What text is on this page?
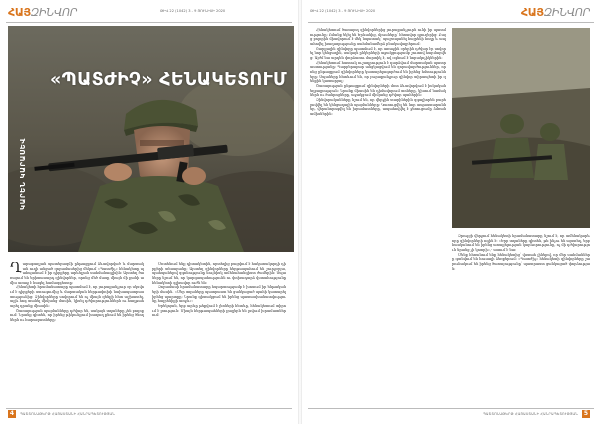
ՀԱՅԶԻՆՎՈՐ	ԹԻՎ 22 (1042) 3 - 9 ՅՈՒՆԻՍԻ 2020
«ՊԱՏԺԻՉ» ՀԵՆԱԿԵՏՈՒՄ
ԿԱՐԵՆ ԿԱՐԱՍԵՎ

Ղարաբաղյան պատերազմի ընթացքում ձևավորված և մարտական ուղի անցած զորամասերից մեկում «Պատժիչ» հենակետը պահպանում է իր դիրքերը արևելյան սահմանագլխին։ Այստեղ ծառայում են երիտասարդ զինվորներ, որոնց մեծ մասը միայն մի քանի ամիս առաջ է հագել համազգեստը։

Հենակետի հրամանատարը պատմում է, որ յուրաքանչյուր օր սկսվում է դիրքերի ստուգումից և մարտական հերթափոխի նախապատրաստությունից։ Զինվորները սովորում են ոչ միայն զենքի հետ աշխատել, այլև հոգ տանել միմյանց մասին, կիսել դժվարություններն ու հաղթահարել դրանք միասին։

Ծառայության պայմանները դժվար են, սակայն տղաները չեն բողոքում։ Նրանք գիտեն, որ իրենց թիկունքում խաղաղ քնում են իրենց ծնողներն ու հարազատները։

Մոտենում ենք դիտակետին, որտեղից բացվում է հակառակորդի դիրքերի տեսարանը։ Այստեղ զինվորները հերթապահում են շուրջօրյա, պահպանելով զգոնությունը նույնիսկ ամենահանգիստ ժամերին։ Սպաները նշում են, որ կարգապահությունն ու փոխադարձ վստահությունը հենակետի գլխավոր ուժն են։

Զորամասի հրամանատարը հպարտությամբ է խոսում իր ենթակաների մասին. «Մեր տղաները պատրաստ են ցանկացած պահի կատարել իրենց պարտքը։ Նրանք գիտակցում են իրենց պատասխանատվությունը հայրենիքի առջև»։

Երեկոյան, երբ արևը թեքվում է լեռների հետևը, հենակետում տիրում է լռություն։ Միայն հերթապահների քայլերն են լսվում խրամատներում։

4	ՊԱՇՏՈՆԱԹԵՐԹ ՀԱՅԱՍՏԱՆԻ ՀԱՆՐԱՊԵՏՈՒԹՅԱՆ
ԹԻՎ 22 (1042) 3 - 9 ՅՈՒՆԻՍԻ 2020	ՀԱՅԶԻՆՎՈՐ

Հենակետում ծառայող զինվորներից յուրաքանչյուրն ունի իր պատմությունը։ Ոմանք եկել են Երևանից, մյուսները՝ հեռավոր գյուղերից։ Բայց բոլորին միավորում է մեկ նպատակ՝ պաշտպանել հայրենի հողը և ապահովել խաղաղությունը սահմանամերձ բնակավայրերում։

Շարքային զինվորը պատմում է, որ առաջին օրերին դժվար էր սովորել նոր կենցաղին, սակայն ընկերների աջակցությամբ շուտով հարմարվեց։ Այժմ նա արդեն փորձառու մարտիկ է, ով օգնում է նորակոչիկներին։

Հենակետում հատուկ ուշադրություն է դարձվում մարտական պատրաստությանը։ Պարբերաբար անցկացվում են զորավարժություններ, որոնց ընթացքում զինվորները կատարելագործում են իրենց հմտությունները։ Սպաները հետևում են, որ յուրաքանչյուր զինվոր տիրապետի իր զենքին կատարյալ։

Ծառայության ընթացքում զինվորների մոտ ձևավորվում է իսկական եղբայրություն։ Նրանք միասին են դիմավորում տոները, կիսում նամակներն ու ծանրոցները, աջակցում միմյանց դժվար պահերին։

Զինվորականները նշում են, որ վերջին տարիներին զգալիորեն բարելավվել են կենցաղային պայմանները։ Կառուցվել են նոր ապաստարաններ, վերանորոգվել են խրամատները, ապահովվել է ջեռուցումը ձմռան ամիսներին։

Զրույցի վերջում հենակետի հրամանատարը նշում է, որ ամենակարևորը զինվորների ոգին է։ «Երբ տղաները գիտեն, թե ինչու են այստեղ, երբ հասկանում են իրենց առաքելության կարևորությունը, ոչ մի դժվարություն նրանց չի կոտրի»,- ասում է նա։

Մենք հեռանում ենք հենակետից՝ վստահ լինելով, որ մեր սահմանները գտնվում են հուսալի ձեռքերում։ «Պատժիչ» հենակետի զինվորները շարունակում են իրենց ծառայությունը՝ պատրաստ ցանկացած փորձության։

ՊԱՇՏՈՆԱԹԵՐԹ ՀԱՅԱՍՏԱՆԻ ՀԱՆՐԱՊԵՏՈՒԹՅԱՆ 5
